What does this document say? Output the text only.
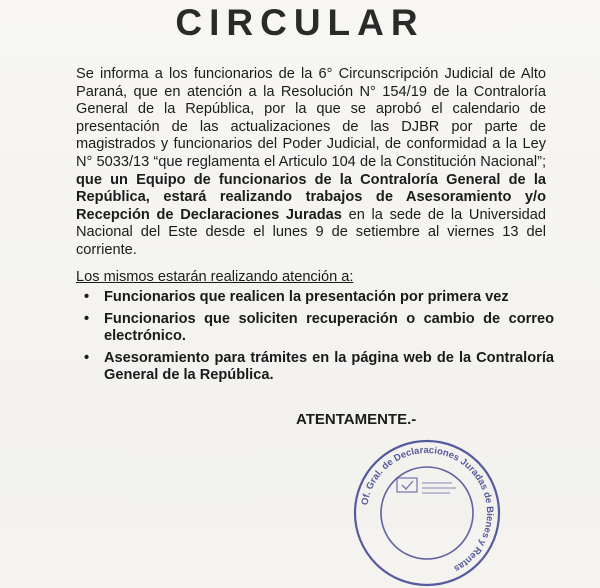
CIRCULAR
Se informa a los funcionarios de la 6° Circunscripción Judicial de Alto Paraná, que en atención a la Resolución N° 154/19 de la Contraloría General de la República, por la que se aprobó el calendario de presentación de las actualizaciones de las DJBR por parte de magistrados y funcionarios del Poder Judicial, de conformidad a la Ley N° 5033/13 “que reglamenta el Articulo 104 de la Constitución Nacional”; que un Equipo de funcionarios de la Contraloría General de la República, estará realizando trabajos de Asesoramiento y/o Recepción de Declaraciones Juradas en la sede de la Universidad Nacional del Este desde el lunes 9 de setiembre al viernes 13 del corriente.
Los mismos estarán realizando atención a:
• Funcionarios que realicen la presentación por primera vez
• Funcionarios que soliciten recuperación o cambio de correo electrónico.
• Asesoramiento para trámites en la página web de la Contraloría General de la República.
ATENTAMENTE.-
Of. Gral. de Declaraciones Juradas de Bienes y Rentas
